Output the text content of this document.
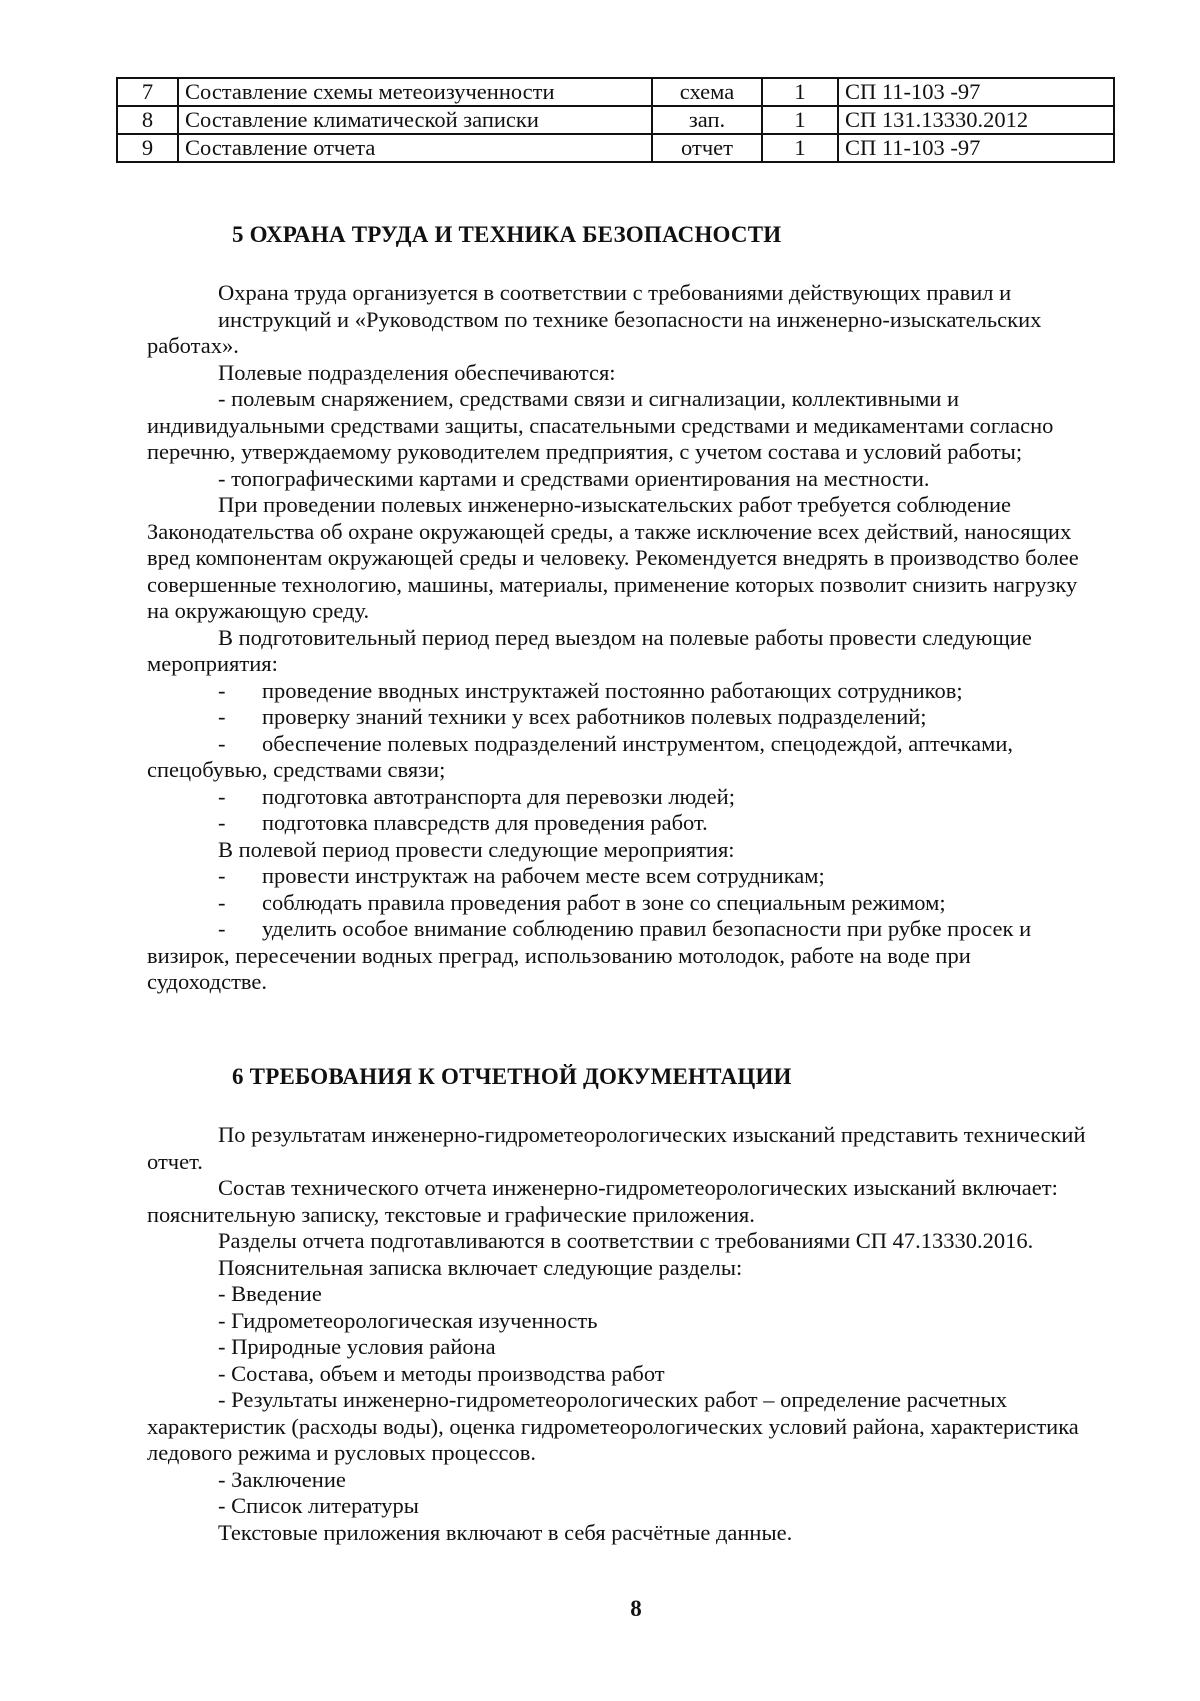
7	Составление схемы метеоизученности	схема	1	СП 11-103 -97
8	Составление климатической записки	зап.	1	СП 131.13330.2012
9	Составление отчета	отчет	1	СП 11-103 -97
5 ОХРАНА ТРУДА И ТЕХНИКА БЕЗОПАСНОСТИ
Охрана труда организуется в соответствии с требованиями действующих правил и
инструкций и «Руководством по технике безопасности на инженерно-изыскательских
работах».
Полевые подразделения обеспечиваются:
- полевым снаряжением, средствами связи и сигнализации, коллективными и
индивидуальными средствами защиты, спасательными средствами и медикаментами согласно
перечню, утверждаемому руководителем предприятия, с учетом состава и условий работы;
- топографическими картами и средствами ориентирования на местности.
При проведении полевых инженерно-изыскательских работ требуется соблюдение
Законодательства об охране окружающей среды, а также исключение всех действий, наносящих
вред компонентам окружающей среды и человеку. Рекомендуется внедрять в производство более
совершенные технологию, машины, материалы, применение которых позволит снизить нагрузку
на окружающую среду.
В подготовительный период перед выездом на полевые работы провести следующие
мероприятия:
- проведение вводных инструктажей постоянно работающих сотрудников;
- проверку знаний техники у всех работников полевых подразделений;
- обеспечение полевых подразделений инструментом, спецодеждой, аптечками,
спецобувью, средствами связи;
- подготовка автотранспорта для перевозки людей;
- подготовка плавсредств для проведения работ.
В полевой период провести следующие мероприятия:
- провести инструктаж на рабочем месте всем сотрудникам;
- соблюдать правила проведения работ в зоне со специальным режимом;
- уделить особое внимание соблюдению правил безопасности при рубке просек и
визирок, пересечении водных преград, использованию мотолодок, работе на воде при
судоходстве.
6 ТРЕБОВАНИЯ К ОТЧЕТНОЙ ДОКУМЕНТАЦИИ
По результатам инженерно-гидрометеорологических изысканий представить технический
отчет.
Состав технического отчета инженерно-гидрометеорологических изысканий включает:
пояснительную записку, текстовые и графические приложения.
Разделы отчета подготавливаются в соответствии с требованиями СП 47.13330.2016.
Пояснительная записка включает следующие разделы:
- Введение
- Гидрометеорологическая изученность
- Природные условия района
- Состава, объем и методы производства работ
- Результаты инженерно-гидрометеорологических работ – определение расчетных
характеристик (расходы воды), оценка гидрометеорологических условий района, характеристика
ледового режима и русловых процессов.
- Заключение
- Список литературы
Текстовые приложения включают в себя расчётные данные.
8
